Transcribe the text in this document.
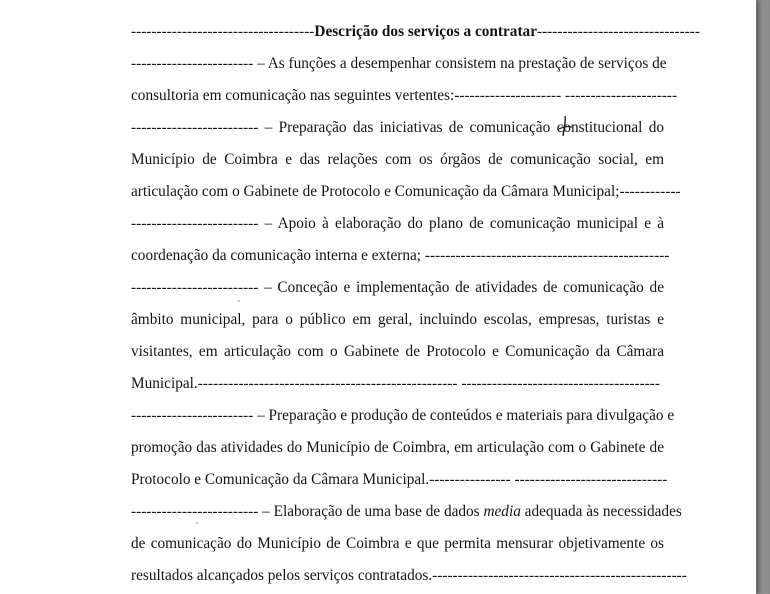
------------------------------------Descrição dos serviços a contratar--------------------------------
------------------------ – As funções a desempenhar consistem na prestação de serviços de
consultoria em comunicação nas seguintes vertentes:--------------------- ----------------------
------------------------- – Preparação das iniciativas de comunicação constitucional do
Município de Coimbra e das relações com os órgãos de comunicação social, em
articulação com o Gabinete de Protocolo e Comunicação da Câmara Municipal;------------
------------------------- – Apoio à elaboração do plano de comunicação municipal e à
coordenação da comunicação interna e externa; ------------------------------------------------
------------------------- – Conceção e implementação de atividades de comunicação de
âmbito municipal, para o público em geral, incluindo escolas, empresas, turistas e
visitantes, em articulação com o Gabinete de Protocolo e Comunicação da Câmara
Municipal.--------------------------------------------------- ---------------------------------------
------------------------ – Preparação e produção de conteúdos e materiais para divulgação e
promoção das atividades do Município de Coimbra, em articulação com o Gabinete de
Protocolo e Comunicação da Câmara Municipal.---------------- ------------------------------
------------------------- – Elaboração de uma base de dados media adequada às necessidades
de comunicação do Município de Coimbra e que permita mensurar objetivamente os
resultados alcançados pelos serviços contratados.--------------------------------------------------
